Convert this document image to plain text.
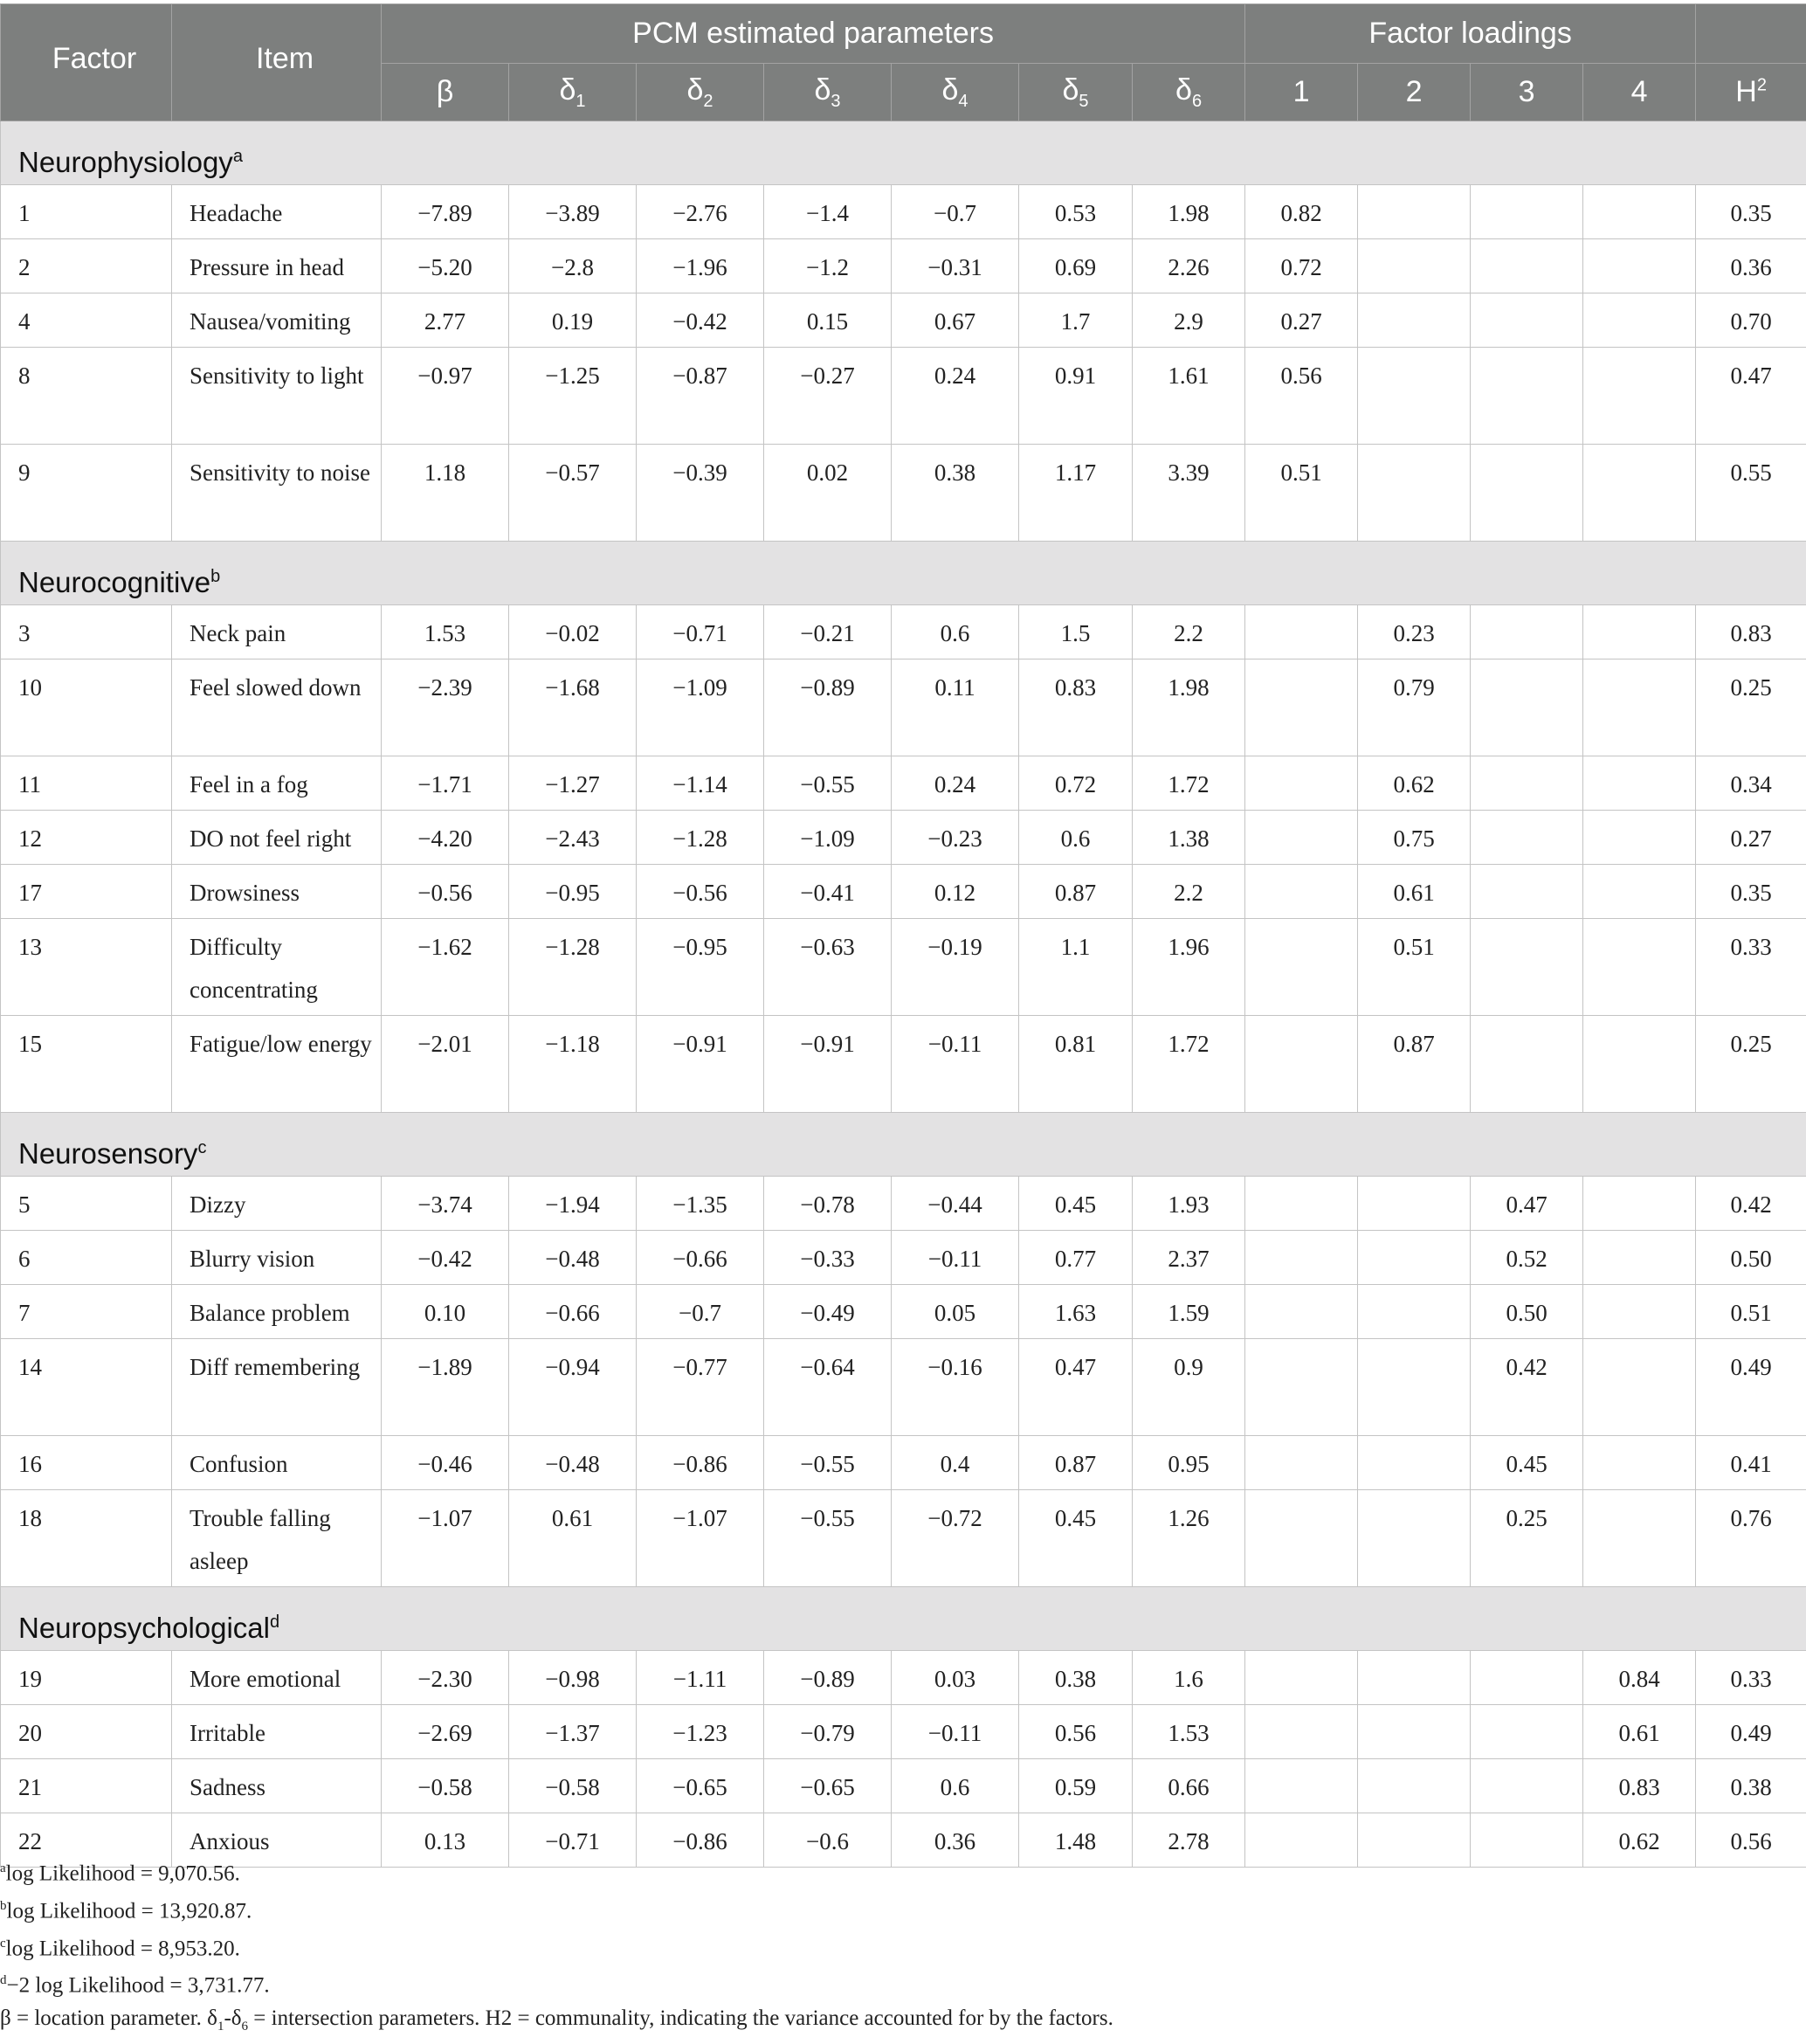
Factor	Item	PCM estimated parameters							Factor loadings				
		β	$\delta_1$	$\delta_2$	$\delta_3$	$\delta_4$	$\delta_5$	$\delta_6$	1	2	3	4	$H^2$
Neurophysiology$^a$
1	Headache	−7.89	−3.89	−2.76	−1.4	−0.7	0.53	1.98	0.82				0.35
2	Pressure in head	−5.20	−2.8	−1.96	−1.2	−0.31	0.69	2.26	0.72				0.36
4	Nausea/vomiting	2.77	0.19	−0.42	0.15	0.67	1.7	2.9	0.27				0.70
8	Sensitivity to light	−0.97	−1.25	−0.87	−0.27	0.24	0.91	1.61	0.56				0.47
9	Sensitivity to noise	1.18	−0.57	−0.39	0.02	0.38	1.17	3.39	0.51				0.55
Neurocognitive$^b$
3	Neck pain	1.53	−0.02	−0.71	−0.21	0.6	1.5	2.2		0.23			0.83
10	Feel slowed down	−2.39	−1.68	−1.09	−0.89	0.11	0.83	1.98		0.79			0.25
11	Feel in a fog	−1.71	−1.27	−1.14	−0.55	0.24	0.72	1.72		0.62			0.34
12	DO not feel right	−4.20	−2.43	−1.28	−1.09	−0.23	0.6	1.38		0.75			0.27
17	Drowsiness	−0.56	−0.95	−0.56	−0.41	0.12	0.87	2.2		0.61			0.35
13	Difficulty concentrating	−1.62	−1.28	−0.95	−0.63	−0.19	1.1	1.96		0.51			0.33
15	Fatigue/low energy	−2.01	−1.18	−0.91	−0.91	−0.11	0.81	1.72		0.87			0.25
Neurosensory$^c$
5	Dizzy	−3.74	−1.94	−1.35	−0.78	−0.44	0.45	1.93			0.47		0.42
6	Blurry vision	−0.42	−0.48	−0.66	−0.33	−0.11	0.77	2.37			0.52		0.50
7	Balance problem	0.10	−0.66	−0.7	−0.49	0.05	1.63	1.59			0.50		0.51
14	Diff remembering	−1.89	−0.94	−0.77	−0.64	−0.16	0.47	0.9			0.42		0.49
16	Confusion	−0.46	−0.48	−0.86	−0.55	0.4	0.87	0.95			0.45		0.41
18	Trouble falling asleep	−1.07	0.61	−1.07	−0.55	−0.72	0.45	1.26			0.25		0.76
Neuropsychological$^d$
19	More emotional	−2.30	−0.98	−1.11	−0.89	0.03	0.38	1.6				0.84	0.33
20	Irritable	−2.69	−1.37	−1.23	−0.79	−0.11	0.56	1.53				0.61	0.49
21	Sadness	−0.58	−0.58	−0.65	−0.65	0.6	0.59	0.66				0.83	0.38
22	Anxious	0.13	−0.71	−0.86	−0.6	0.36	1.48	2.78				0.62	0.56
$^a$log Likelihood = 9,070.56.
$^b$log Likelihood = 13,920.87.
$^c$log Likelihood = 8,953.20.
$^d$−2 log Likelihood = 3,731.77.
β = location parameter. $\delta_1-\delta_6$ = intersection parameters. H2 = communality, indicating the variance accounted for by the factors.
